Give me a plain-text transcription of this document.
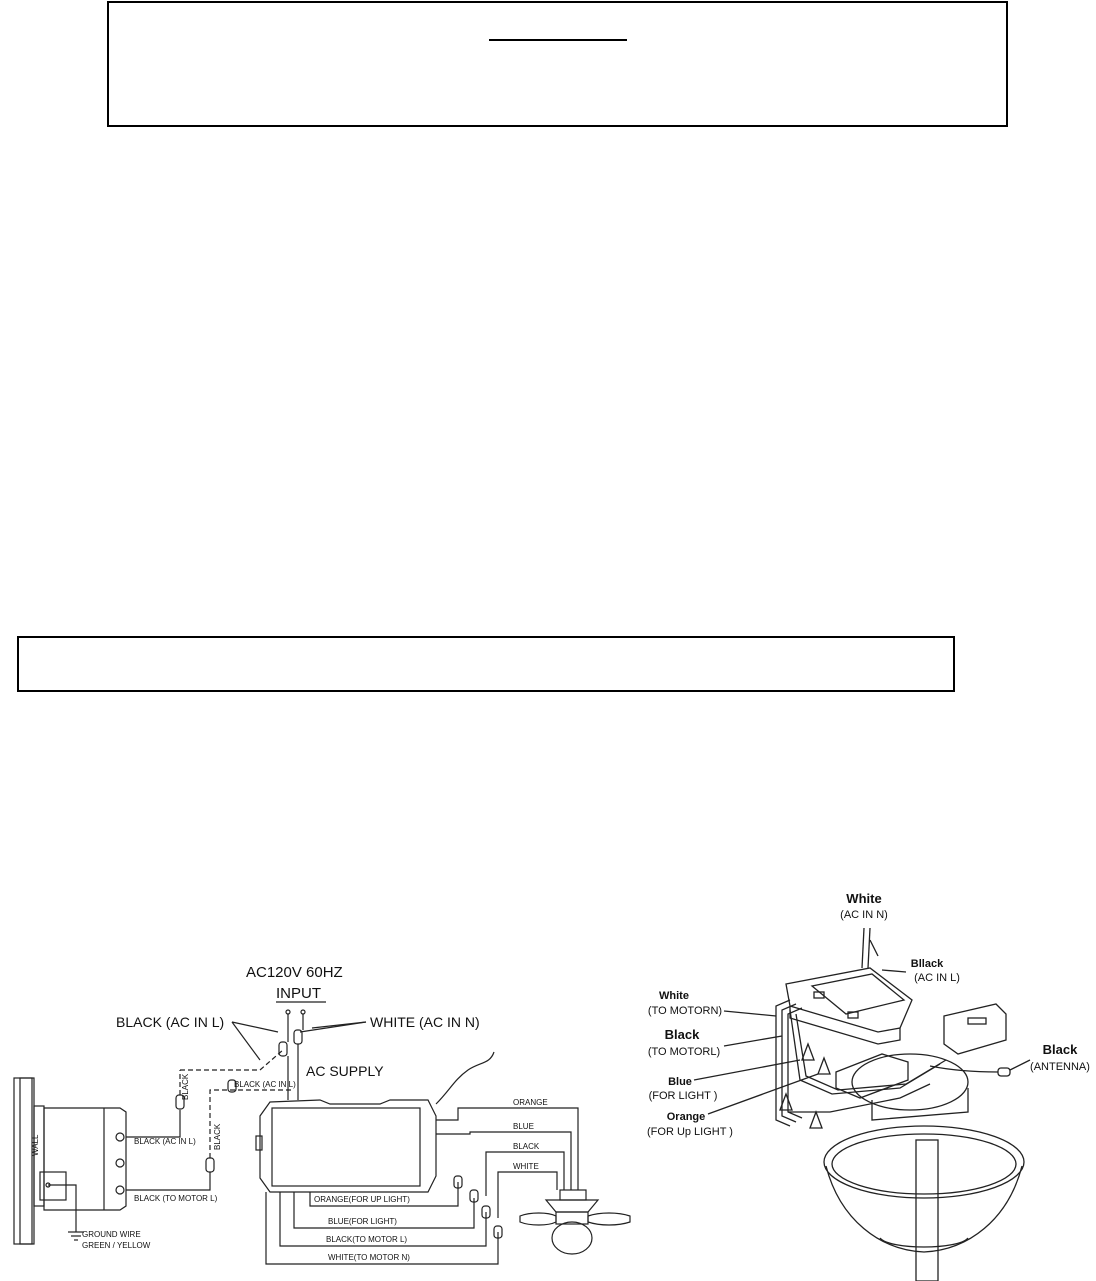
AC120V 60HZ
INPUT
BLACK (AC IN L)	WHITE (AC IN N)
AC SUPPLY
WALL
BLACK
BLACK
BLACK (AC IN L)
BLACK (AC IN L)
BLACK (TO MOTOR L)
GROUND WIRE
GREEN / YELLOW
ORANGE
BLUE
BLACK
WHITE
ORANGE(FOR UP LIGHT)
BLUE(FOR LIGHT)
BLACK(TO MOTOR L)
WHITE(TO MOTOR N)
White
(AC IN N)
Bllack
(AC IN L)
White
(TO MOTORN)
Black
(TO MOTORL)
Blue
(FOR LIGHT )
Orange
(FOR Up LIGHT )
Black
(ANTENNA)
